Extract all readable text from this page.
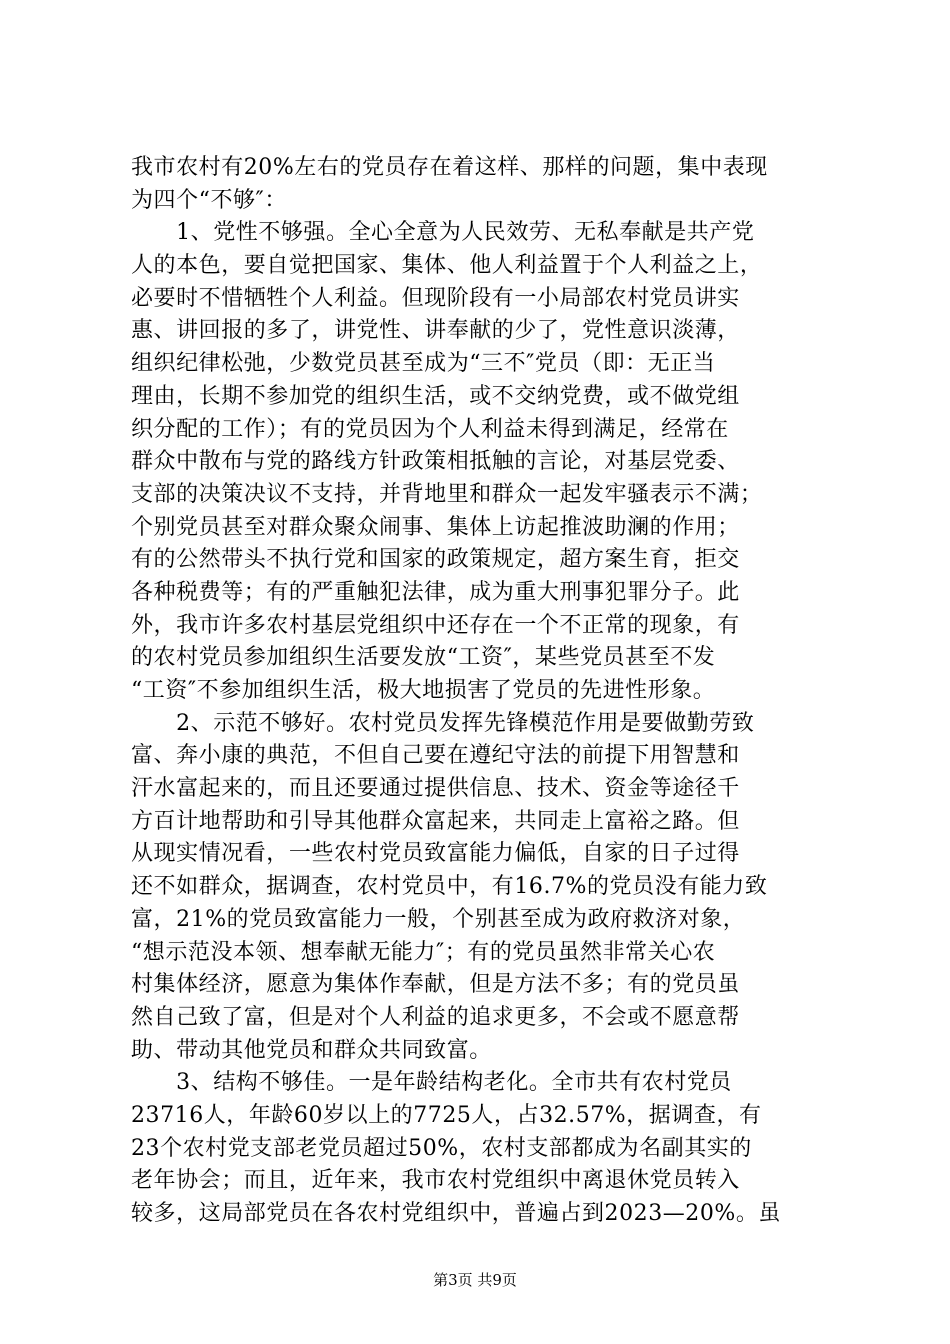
我市农村有20%左右的党员存在着这样、那样的问题，集中表现
为四个“不够″：
　　1、党性不够强。全心全意为人民效劳、无私奉献是共产党
人的本色，要自觉把国家、集体、他人利益置于个人利益之上，
必要时不惜牺牲个人利益。但现阶段有一小局部农村党员讲实
惠、讲回报的多了，讲党性、讲奉献的少了，党性意识淡薄，
组织纪律松弛，少数党员甚至成为“三不″党员（即：无正当
理由，长期不参加党的组织生活，或不交纳党费，或不做党组
织分配的工作）；有的党员因为个人利益未得到满足，经常在
群众中散布与党的路线方针政策相抵触的言论，对基层党委、
支部的决策决议不支持，并背地里和群众一起发牢骚表示不满；
个别党员甚至对群众聚众闹事、集体上访起推波助澜的作用；
有的公然带头不执行党和国家的政策规定，超方案生育，拒交
各种税费等；有的严重触犯法律，成为重大刑事犯罪分子。此
外，我市许多农村基层党组织中还存在一个不正常的现象，有
的农村党员参加组织生活要发放“工资″，某些党员甚至不发
“工资″不参加组织生活，极大地损害了党员的先进性形象。
　　2、示范不够好。农村党员发挥先锋模范作用是要做勤劳致
富、奔小康的典范，不但自己要在遵纪守法的前提下用智慧和
汗水富起来的，而且还要通过提供信息、技术、资金等途径千
方百计地帮助和引导其他群众富起来，共同走上富裕之路。但
从现实情况看，一些农村党员致富能力偏低，自家的日子过得
还不如群众，据调查，农村党员中，有16.7%的党员没有能力致
富，21%的党员致富能力一般，个别甚至成为政府救济对象，
“想示范没本领、想奉献无能力″；有的党员虽然非常关心农
村集体经济，愿意为集体作奉献，但是方法不多；有的党员虽
然自己致了富，但是对个人利益的追求更多，不会或不愿意帮
助、带动其他党员和群众共同致富。
　　3、结构不够佳。一是年龄结构老化。全市共有农村党员
23716人，年龄60岁以上的7725人，占32.57%，据调查，有
23个农村党支部老党员超过50%，农村支部都成为名副其实的
老年协会；而且，近年来，我市农村党组织中离退休党员转入
较多，这局部党员在各农村党组织中，普遍占到2023—20%。虽
第3页 共9页
